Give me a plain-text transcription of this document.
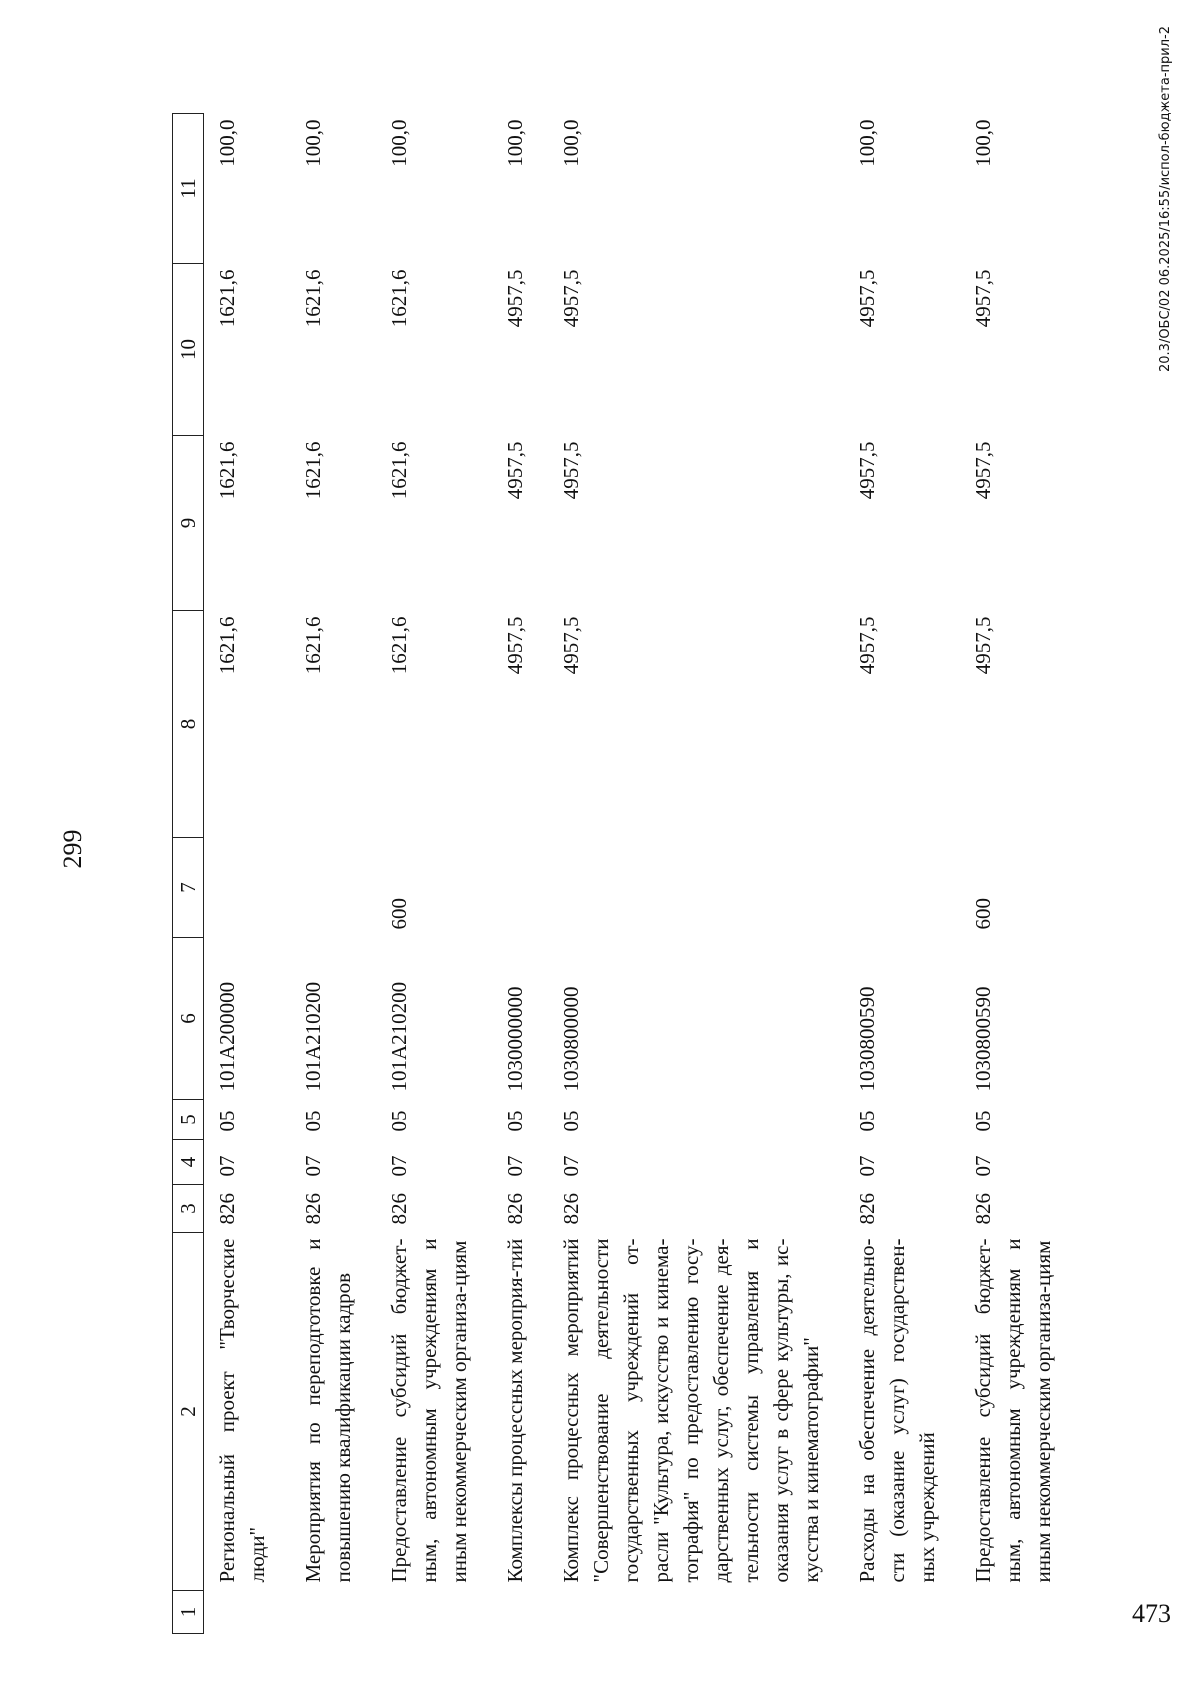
299
1	2	3	4	5	6	7	8	9	10	11
	Региональный проект "Творческие люди"	826	07	05	101А200000		1621,6	1621,6	1621,6	100,0
	Мероприятия по переподготовке и повышению квалификации кадров	826	07	05	101А210200		1621,6	1621,6	1621,6	100,0
	Предоставление субсидий бюджет-ным, автономным учреждениям и иным некоммерческим организа-циям	826	07	05	101А210200	600	1621,6	1621,6	1621,6	100,0
	Комплексы процессных мероприя-тий	826	07	05	1030000000		4957,5	4957,5	4957,5	100,0
	Комплекс процессных мероприятий "Совершенствование деятельности государственных учреждений от-расли "Культура, искусство и кинема-тография" по предоставлению госу-дарственных услуг, обеспечение дея-тельности системы управления и оказания услуг в сфере культуры, ис-кусства и кинематографии"	826	07	05	1030800000		4957,5	4957,5	4957,5	100,0
	Расходы на обеспечение деятельно-сти (оказание услуг) государствен-ных учреждений	826	07	05	1030800590		4957,5	4957,5	4957,5	100,0
	Предоставление субсидий бюджет-ным, автономным учреждениям и иным некоммерческим организа-циям	826	07	05	1030800590	600	4957,5	4957,5	4957,5	100,0	20.3/ОБС/02 06.2025/16:55/испол-бюджета-прил-2
473
